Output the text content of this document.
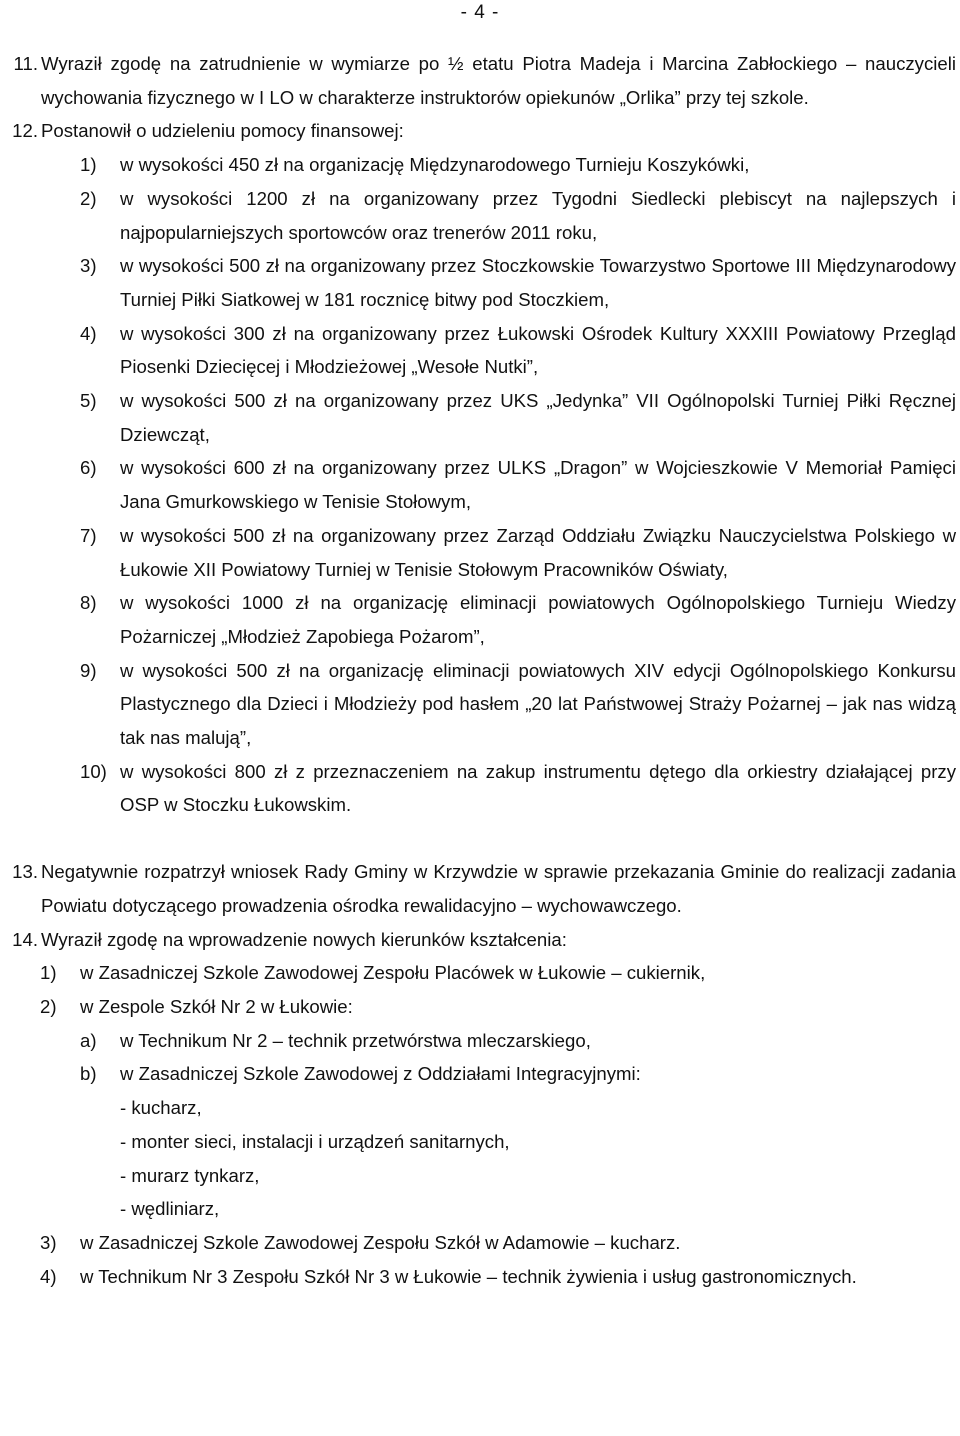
- 4 -
11. Wyraził zgodę na zatrudnienie w wymiarze po ½ etatu Piotra Madeja i Marcina Zabłockiego – nauczycieli wychowania fizycznego w I LO w charakterze instruktorów opiekunów „Orlika” przy tej szkole.
12. Postanowił o udzieleniu pomocy finansowej:
1) w wysokości 450 zł na organizację Międzynarodowego Turnieju Koszykówki,
2) w wysokości 1200 zł na organizowany przez Tygodni Siedlecki plebiscyt na najlepszych i najpopularniejszych sportowców oraz trenerów 2011 roku,
3) w wysokości 500 zł na organizowany przez Stoczkowskie Towarzystwo Sportowe III Międzynarodowy Turniej Piłki Siatkowej w 181 rocznicę bitwy pod Stoczkiem,
4) w wysokości 300 zł na organizowany przez Łukowski Ośrodek Kultury XXXIII Powiatowy Przegląd Piosenki Dziecięcej i Młodzieżowej „Wesołe Nutki”,
5) w wysokości 500 zł na organizowany przez UKS „Jedynka” VII Ogólnopolski Turniej Piłki Ręcznej Dziewcząt,
6) w wysokości 600 zł na organizowany przez ULKS „Dragon” w Wojcieszkowie V Memoriał Pamięci Jana Gmurkowskiego w Tenisie Stołowym,
7) w wysokości 500 zł na organizowany przez Zarząd Oddziału Związku Nauczycielstwa Polskiego w Łukowie XII Powiatowy Turniej w Tenisie Stołowym Pracowników Oświaty,
8) w wysokości 1000 zł na organizację eliminacji powiatowych Ogólnopolskiego Turnieju Wiedzy Pożarniczej „Młodzież Zapobiega Pożarom”,
9) w wysokości 500 zł na organizację eliminacji powiatowych XIV edycji Ogólnopolskiego Konkursu Plastycznego dla Dzieci i Młodzieży pod hasłem „20 lat Państwowej Straży Pożarnej – jak nas widzą tak nas malują”,
10) w wysokości 800 zł z przeznaczeniem na zakup instrumentu dętego dla orkiestry działającej przy OSP w Stoczku Łukowskim.
13. Negatywnie rozpatrzył wniosek Rady Gminy w Krzywdzie w sprawie przekazania Gminie do realizacji zadania Powiatu dotyczącego prowadzenia ośrodka rewalidacyjno – wychowawczego.
14. Wyraził zgodę na wprowadzenie nowych kierunków kształcenia:
1) w Zasadniczej Szkole Zawodowej Zespołu Placówek w Łukowie – cukiernik,
2) w Zespole Szkół Nr 2 w Łukowie:
a) w Technikum Nr 2 – technik przetwórstwa mleczarskiego,
b) w Zasadniczej Szkole Zawodowej z Oddziałami Integracyjnymi:
- kucharz,
- monter sieci, instalacji i urządzeń sanitarnych,
- murarz tynkarz,
- wędliniarz,
3) w Zasadniczej Szkole Zawodowej Zespołu Szkół w Adamowie – kucharz.
4) w Technikum Nr 3 Zespołu Szkół Nr 3 w Łukowie – technik żywienia i usług gastronomicznych.
